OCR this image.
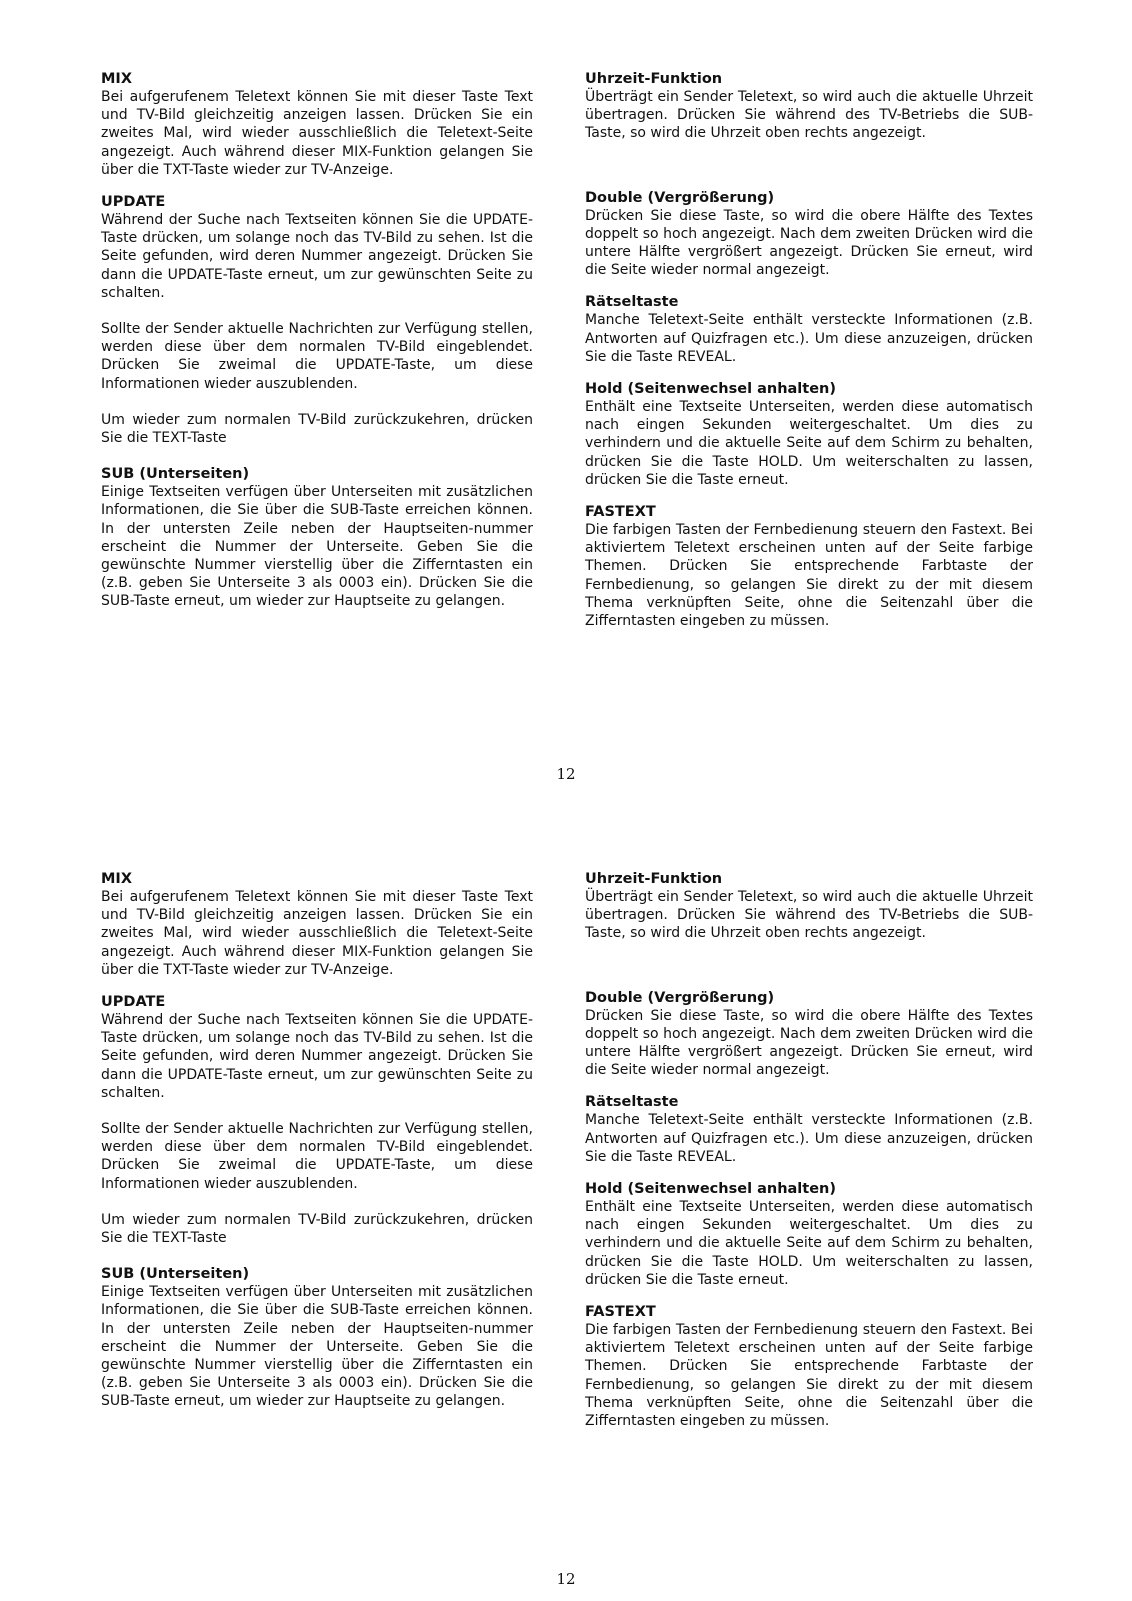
MIX

Bei aufgerufenem Teletext können Sie mit dieser Taste Text und TV-Bild gleichzeitig anzeigen lassen. Drücken Sie ein zweites Mal, wird wieder ausschließlich die Teletext-Seite angezeigt. Auch während dieser MIX-Funktion gelangen Sie über die TXT-Taste wieder zur TV-Anzeige.

UPDATE

Während der Suche nach Textseiten können Sie die UPDATE-Taste drücken, um solange noch das TV-Bild zu sehen. Ist die Seite gefunden, wird deren Nummer angezeigt. Drücken Sie dann die UPDATE-Taste erneut, um zur gewünschten Seite zu schalten.

Sollte der Sender aktuelle Nachrichten zur Verfügung stellen, werden diese über dem normalen TV-Bild eingeblendet. Drücken Sie zweimal die UPDATE-Taste, um diese Informationen wieder auszublenden.

Um wieder zum normalen TV-Bild zurückzukehren, drücken Sie die TEXT-Taste

SUB (Unterseiten)

Einige Textseiten verfügen über Unterseiten mit zusätzlichen Informationen, die Sie über die SUB-Taste erreichen können. In der untersten Zeile neben der Hauptseiten-nummer erscheint die Nummer der Unterseite. Geben Sie die gewünschte Nummer vierstellig über die Zifferntasten ein (z.B. geben Sie Unterseite 3 als 0003 ein). Drücken Sie die SUB-Taste erneut, um wieder zur Hauptseite zu gelangen.

Uhrzeit-Funktion

Überträgt ein Sender Teletext, so wird auch die aktuelle Uhrzeit übertragen. Drücken Sie während des TV-Betriebs die SUB-Taste, so wird die Uhrzeit oben rechts angezeigt.

Double (Vergrößerung)

Drücken Sie diese Taste, so wird die obere Hälfte des Textes doppelt so hoch angezeigt. Nach dem zweiten Drücken wird die untere Hälfte vergrößert angezeigt. Drücken Sie erneut, wird die Seite wieder normal angezeigt.

Rätseltaste

Manche Teletext-Seite enthält versteckte Informationen (z.B. Antworten auf Quizfragen etc.). Um diese anzuzeigen, drücken Sie die Taste REVEAL.

Hold (Seitenwechsel anhalten)

Enthält eine Textseite Unterseiten, werden diese automatisch nach eingen Sekunden weitergeschaltet. Um dies zu verhindern und die aktuelle Seite auf dem Schirm zu behalten, drücken Sie die Taste HOLD. Um weiterschalten zu lassen, drücken Sie die Taste erneut.

FASTEXT

Die farbigen Tasten der Fernbedienung steuern den Fastext. Bei aktiviertem Teletext erscheinen unten auf der Seite farbige Themen. Drücken Sie entsprechende Farbtaste der Fernbedienung, so gelangen Sie direkt zu der mit diesem Thema verknüpften Seite, ohne die Seitenzahl über die Zifferntasten eingeben zu müssen.

12

MIX

Bei aufgerufenem Teletext können Sie mit dieser Taste Text und TV-Bild gleichzeitig anzeigen lassen. Drücken Sie ein zweites Mal, wird wieder ausschließlich die Teletext-Seite angezeigt. Auch während dieser MIX-Funktion gelangen Sie über die TXT-Taste wieder zur TV-Anzeige.

UPDATE

Während der Suche nach Textseiten können Sie die UPDATE-Taste drücken, um solange noch das TV-Bild zu sehen. Ist die Seite gefunden, wird deren Nummer angezeigt. Drücken Sie dann die UPDATE-Taste erneut, um zur gewünschten Seite zu schalten.

Sollte der Sender aktuelle Nachrichten zur Verfügung stellen, werden diese über dem normalen TV-Bild eingeblendet. Drücken Sie zweimal die UPDATE-Taste, um diese Informationen wieder auszublenden.

Um wieder zum normalen TV-Bild zurückzukehren, drücken Sie die TEXT-Taste

SUB (Unterseiten)

Einige Textseiten verfügen über Unterseiten mit zusätzlichen Informationen, die Sie über die SUB-Taste erreichen können. In der untersten Zeile neben der Hauptseiten-nummer erscheint die Nummer der Unterseite. Geben Sie die gewünschte Nummer vierstellig über die Zifferntasten ein (z.B. geben Sie Unterseite 3 als 0003 ein). Drücken Sie die SUB-Taste erneut, um wieder zur Hauptseite zu gelangen.

Uhrzeit-Funktion

Überträgt ein Sender Teletext, so wird auch die aktuelle Uhrzeit übertragen. Drücken Sie während des TV-Betriebs die SUB-Taste, so wird die Uhrzeit oben rechts angezeigt.

Double (Vergrößerung)

Drücken Sie diese Taste, so wird die obere Hälfte des Textes doppelt so hoch angezeigt. Nach dem zweiten Drücken wird die untere Hälfte vergrößert angezeigt. Drücken Sie erneut, wird die Seite wieder normal angezeigt.

Rätseltaste

Manche Teletext-Seite enthält versteckte Informationen (z.B. Antworten auf Quizfragen etc.). Um diese anzuzeigen, drücken Sie die Taste REVEAL.

Hold (Seitenwechsel anhalten)

Enthält eine Textseite Unterseiten, werden diese automatisch nach eingen Sekunden weitergeschaltet. Um dies zu verhindern und die aktuelle Seite auf dem Schirm zu behalten, drücken Sie die Taste HOLD. Um weiterschalten zu lassen, drücken Sie die Taste erneut.

FASTEXT

Die farbigen Tasten der Fernbedienung steuern den Fastext. Bei aktiviertem Teletext erscheinen unten auf der Seite farbige Themen. Drücken Sie entsprechende Farbtaste der Fernbedienung, so gelangen Sie direkt zu der mit diesem Thema verknüpften Seite, ohne die Seitenzahl über die Zifferntasten eingeben zu müssen.

12
